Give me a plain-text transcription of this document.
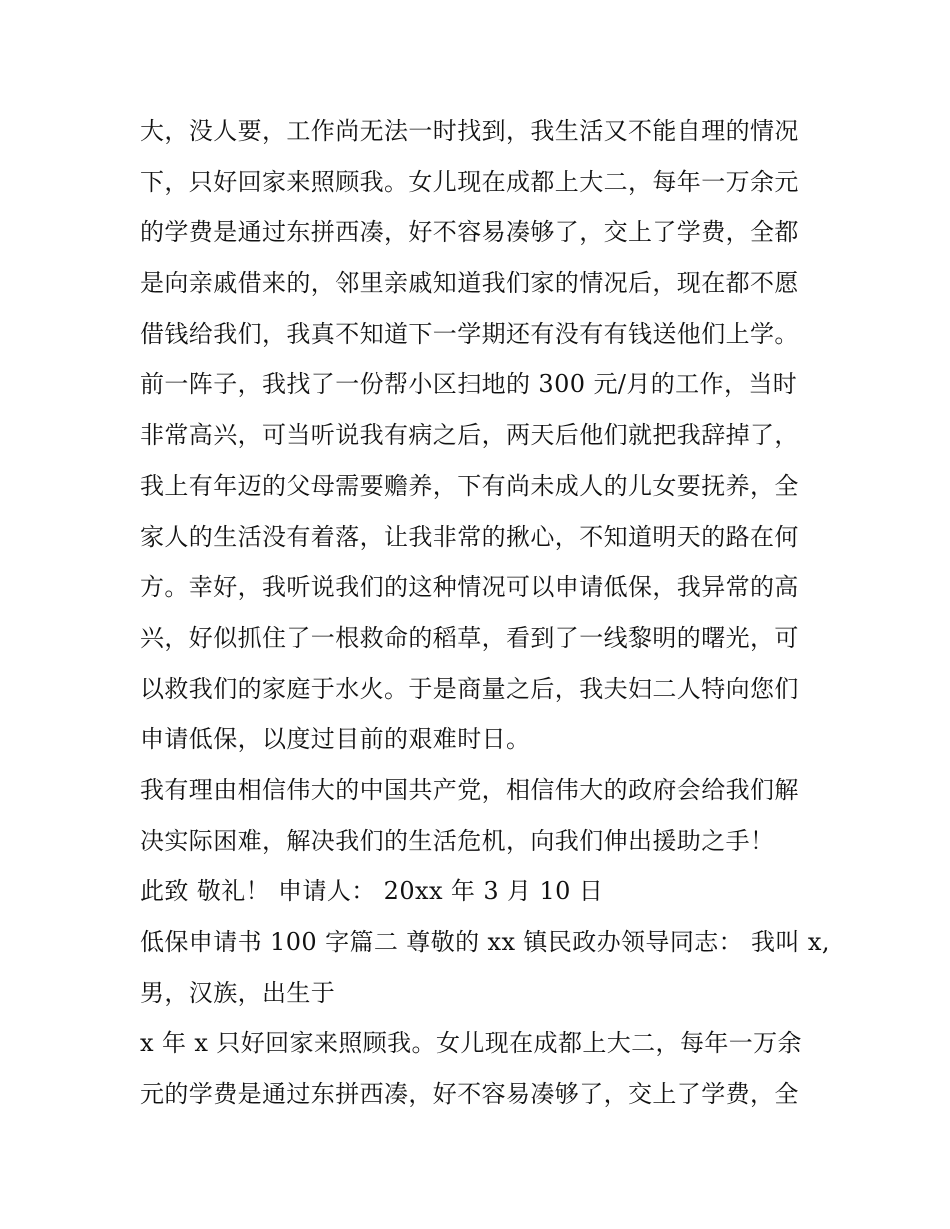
大，没人要，工作尚无法一时找到，我生活又不能自理的情况
下，只好回家来照顾我。女儿现在成都上大二，每年一万余元
的学费是通过东拼西凑，好不容易凑够了，交上了学费，全都
是向亲戚借来的，邻里亲戚知道我们家的情况后，现在都不愿
借钱给我们，我真不知道下一学期还有没有有钱送他们上学。
前一阵子，我找了一份帮小区扫地的 300 元/月的工作，当时
非常高兴，可当听说我有病之后，两天后他们就把我辞掉了，
我上有年迈的父母需要赡养，下有尚未成人的儿女要抚养，全
家人的生活没有着落，让我非常的揪心，不知道明天的路在何
方。幸好，我听说我们的这种情况可以申请低保，我异常的高
兴，好似抓住了一根救命的稻草，看到了一线黎明的曙光，可
以救我们的家庭于水火。于是商量之后，我夫妇二人特向您们
申请低保，以度过目前的艰难时日。
我有理由相信伟大的中国共产党，相信伟大的政府会给我们解
决实际困难，解决我们的生活危机，向我们伸出援助之手！
此致 敬礼！ 申请人： 20xx 年 3 月 10 日
低保申请书 100 字篇二 尊敬的 xx 镇民政办领导同志： 我叫 x,
男，汉族，出生于
x 年 x 只好回家来照顾我。女儿现在成都上大二，每年一万余
元的学费是通过东拼西凑，好不容易凑够了，交上了学费，全
